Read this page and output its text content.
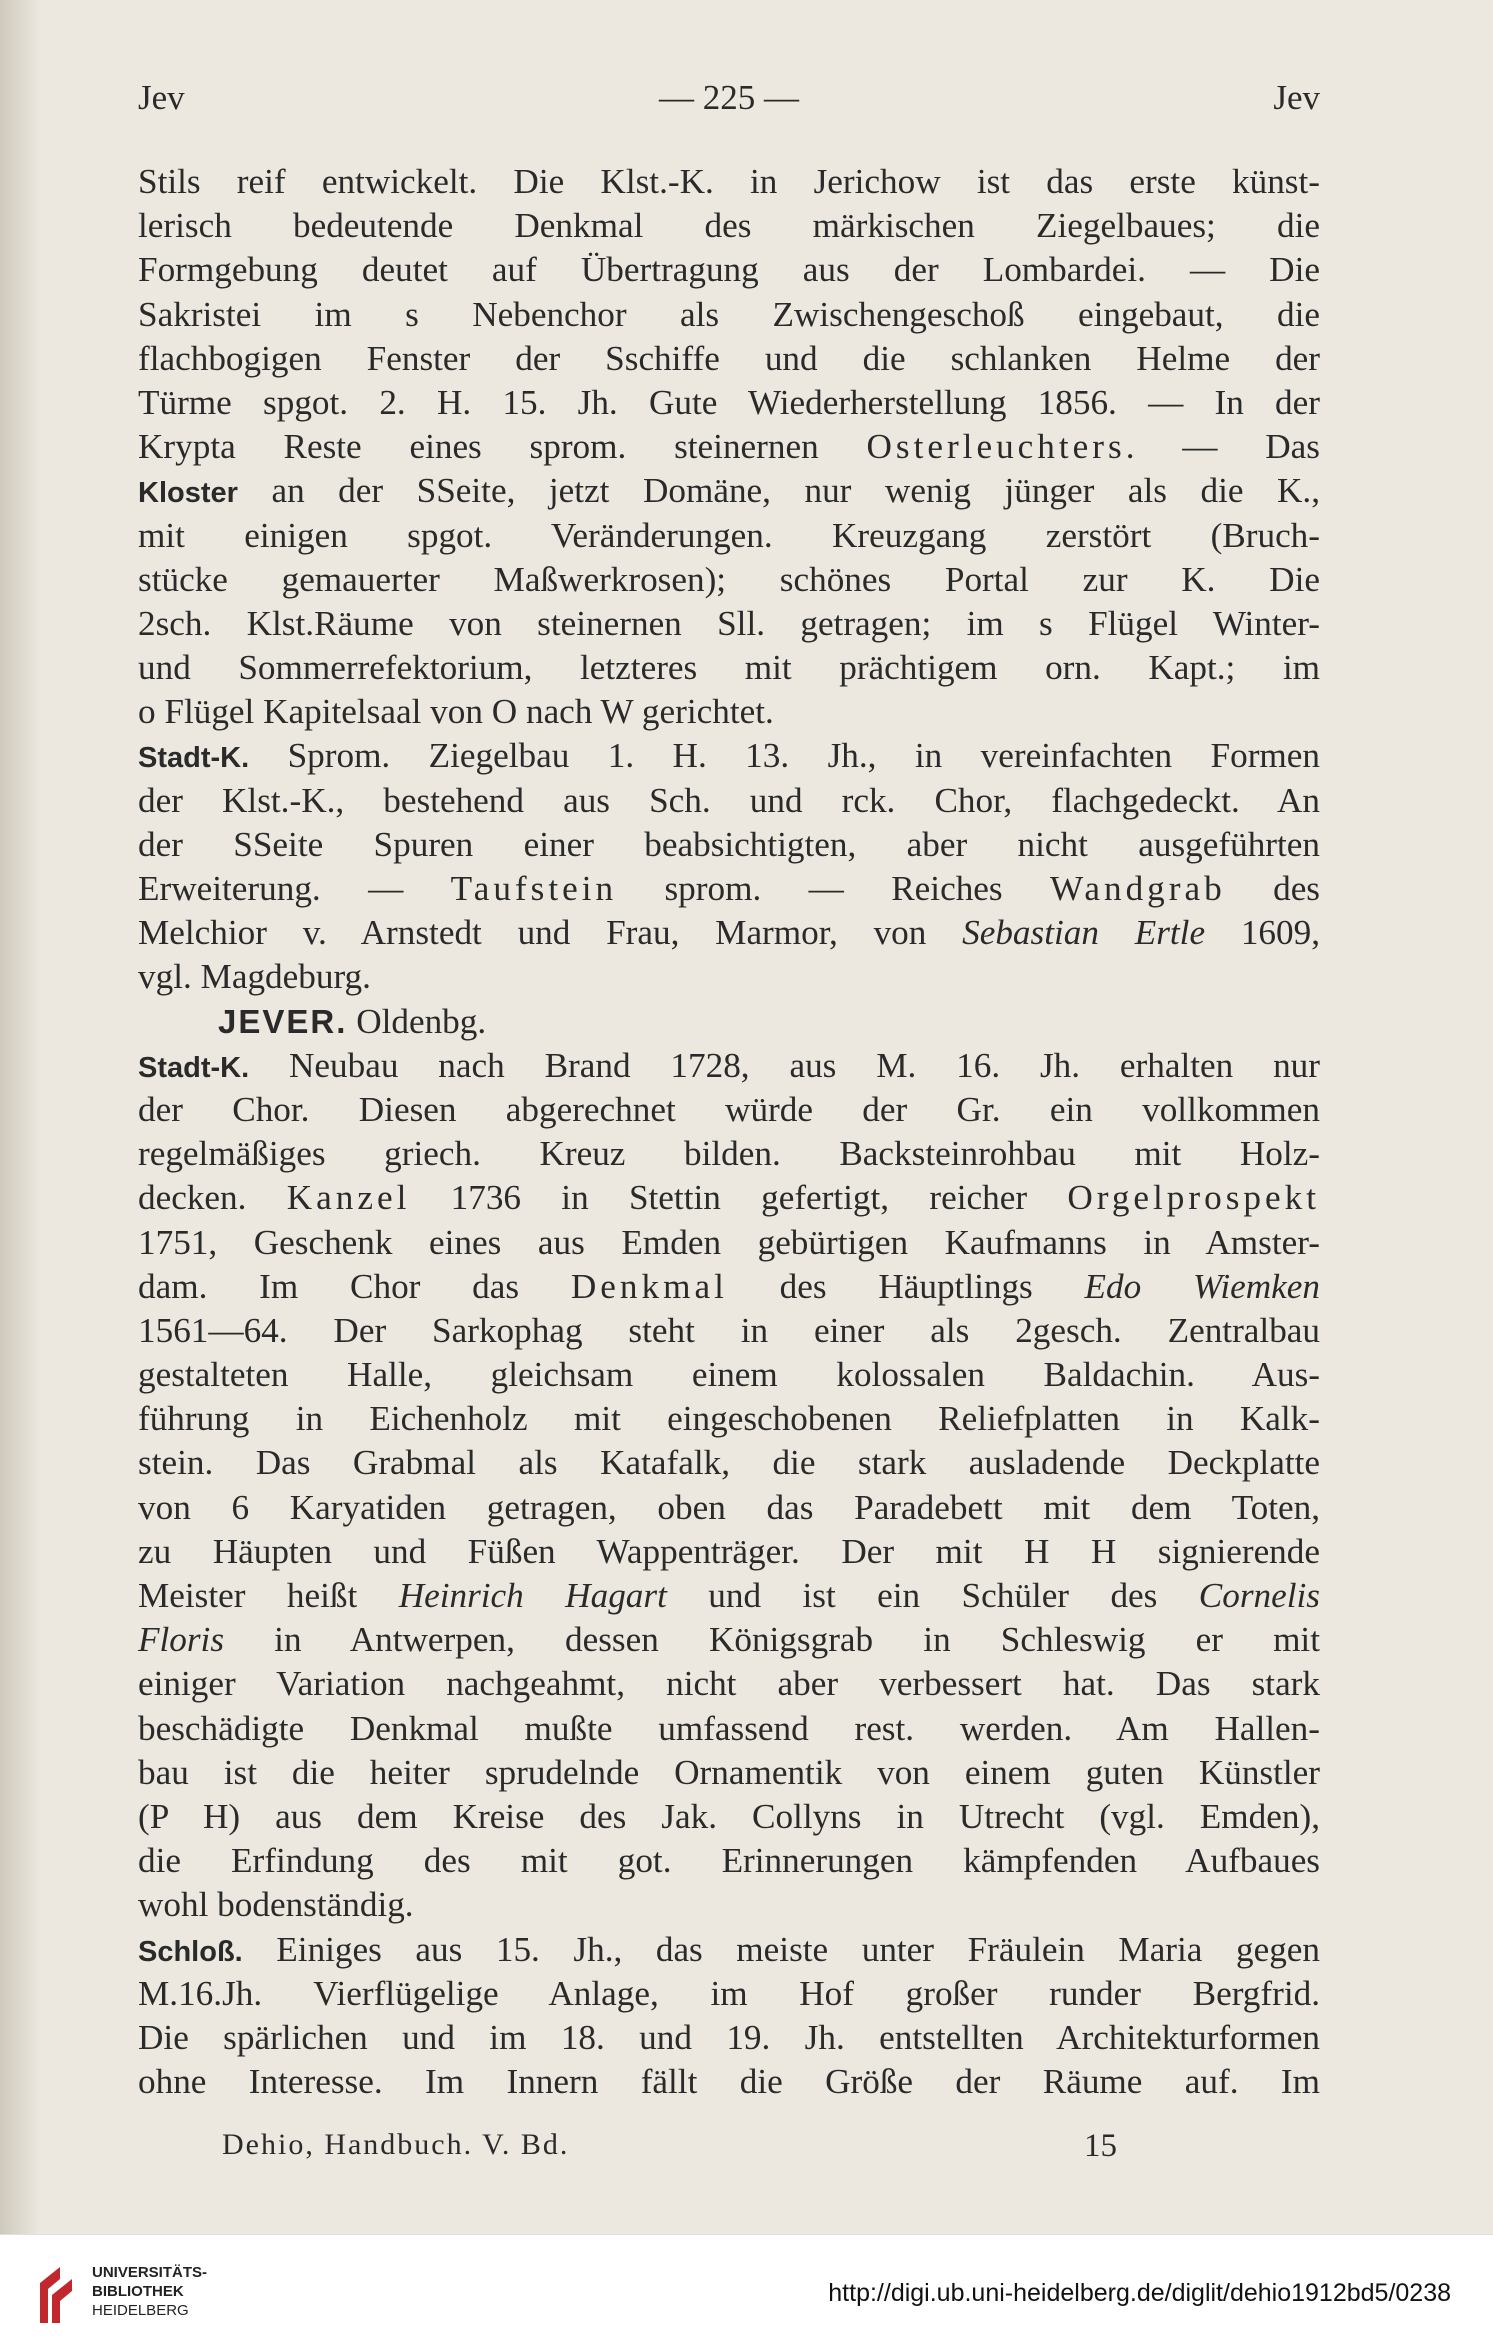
Jev	— 225 —	Jev
Stils reif entwickelt. Die Klst.-K. in Jerichow ist das erste künst-
lerisch bedeutende Denkmal des märkischen Ziegelbaues; die
Formgebung deutet auf Übertragung aus der Lombardei. — Die
Sakristei im s Nebenchor als Zwischengeschoß eingebaut, die
flachbogigen Fenster der Sschiffe und die schlanken Helme der
Türme spgot. 2. H. 15. Jh. Gute Wiederherstellung 1856. — In der
Krypta Reste eines sprom. steinernen Osterleuchters. — Das
Kloster an der SSeite, jetzt Domäne, nur wenig jünger als die K.,
mit einigen spgot. Veränderungen. Kreuzgang zerstört (Bruch-
stücke gemauerter Maßwerkrosen); schönes Portal zur K. Die
2sch. Klst.Räume von steinernen Sll. getragen; im s Flügel Winter-
und Sommerrefektorium, letzteres mit prächtigem orn. Kapt.; im
o Flügel Kapitelsaal von O nach W gerichtet.
Stadt-K. Sprom. Ziegelbau 1. H. 13. Jh., in vereinfachten Formen
der Klst.-K., bestehend aus Sch. und rck. Chor, flachgedeckt. An
der SSeite Spuren einer beabsichtigten, aber nicht ausgeführten
Erweiterung. — Taufstein sprom. — Reiches Wandgrab des
Melchior v. Arnstedt und Frau, Marmor, von Sebastian Ertle 1609,
vgl. Magdeburg.
JEVER. Oldenbg.
Stadt-K. Neubau nach Brand 1728, aus M. 16. Jh. erhalten nur
der Chor. Diesen abgerechnet würde der Gr. ein vollkommen
regelmäßiges griech. Kreuz bilden. Backsteinrohbau mit Holz-
decken. Kanzel 1736 in Stettin gefertigt, reicher Orgelprospekt
1751, Geschenk eines aus Emden gebürtigen Kaufmanns in Amster-
dam. Im Chor das Denkmal des Häuptlings Edo Wiemken
1561—64. Der Sarkophag steht in einer als 2gesch. Zentralbau
gestalteten Halle, gleichsam einem kolossalen Baldachin. Aus-
führung in Eichenholz mit eingeschobenen Reliefplatten in Kalk-
stein. Das Grabmal als Katafalk, die stark ausladende Deckplatte
von 6 Karyatiden getragen, oben das Paradebett mit dem Toten,
zu Häupten und Füßen Wappenträger. Der mit H H signierende
Meister heißt Heinrich Hagart und ist ein Schüler des Cornelis
Floris in Antwerpen, dessen Königsgrab in Schleswig er mit
einiger Variation nachgeahmt, nicht aber verbessert hat. Das stark
beschädigte Denkmal mußte umfassend rest. werden. Am Hallen-
bau ist die heiter sprudelnde Ornamentik von einem guten Künstler
(P H) aus dem Kreise des Jak. Collyns in Utrecht (vgl. Emden),
die Erfindung des mit got. Erinnerungen kämpfenden Aufbaues
wohl bodenständig.
Schloß. Einiges aus 15. Jh., das meiste unter Fräulein Maria gegen
M.16.Jh. Vierflügelige Anlage, im Hof großer runder Bergfrid.
Die spärlichen und im 18. und 19. Jh. entstellten Architekturformen
ohne Interesse. Im Innern fällt die Größe der Räume auf. Im
Dehio, Handbuch. V. Bd.	15
UNIVERSITÄTS-
BIBLIOTHEK
HEIDELBERG
http://digi.ub.uni-heidelberg.de/diglit/dehio1912bd5/0238
